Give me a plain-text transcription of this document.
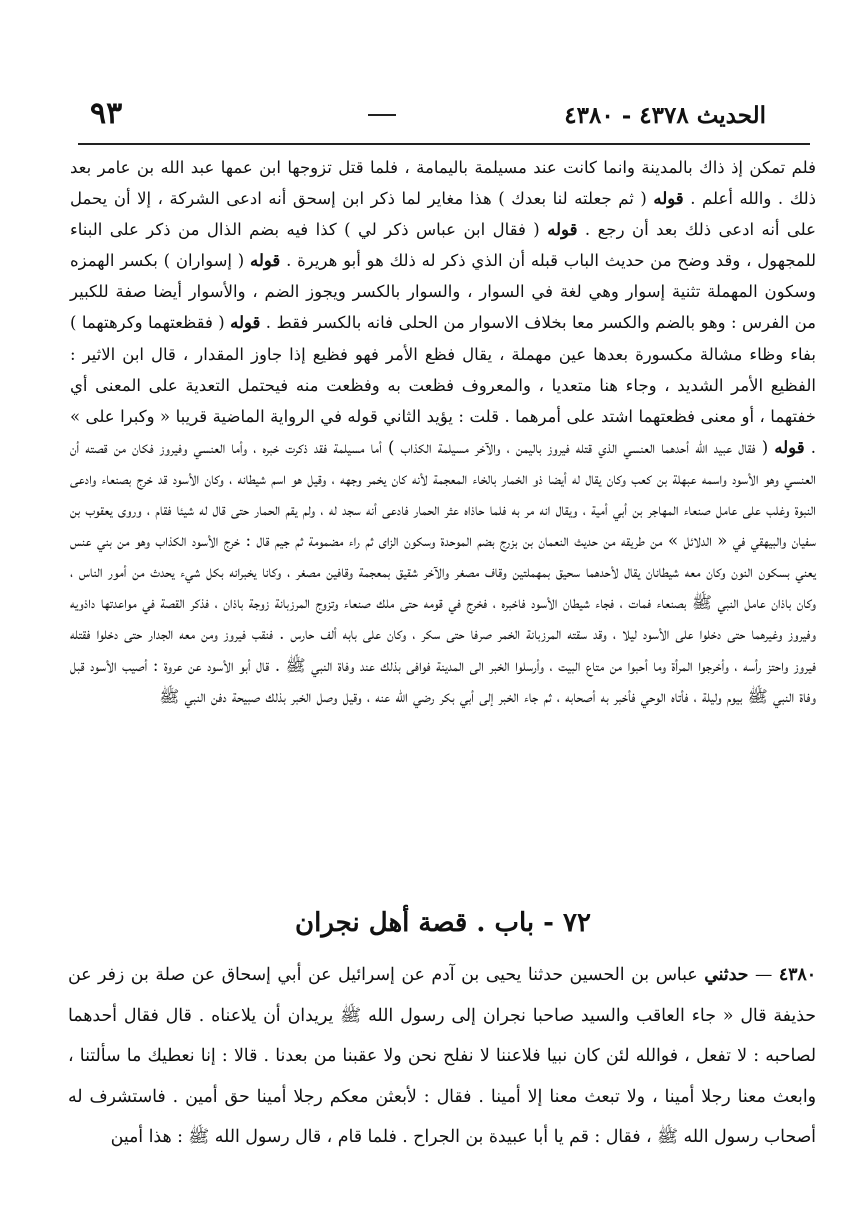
الحديث ٤٣٧٨ - ٤٣٨٠
٩٣
فلم تمكن إذ ذاك بالمدينة وانما كانت عند مسيلمة باليمامة ، فلما قتل تزوجها ابن عمها عبد الله بن عامر بعد ذلك . والله أعلم . قوله ( ثم جعلته لنا بعدك ) هذا مغاير لما ذكر ابن إسحق أنه ادعى الشركة ، إلا أن يحمل على أنه ادعى ذلك بعد أن رجع . قوله ( فقال ابن عباس ذكر لي ) كذا فيه بضم الذال من ذكر على البناء للمجهول ، وقد وضح من حديث الباب قبله أن الذي ذكر له ذلك هو أبو هريرة . قوله ( إسواران ) بكسر الهمزه وسكون المهملة تثنية إسوار وهي لغة في السوار ، والسوار بالكسر ويجوز الضم ، والأسوار أيضا صفة للكبير من الفرس : وهو بالضم والكسر معا بخلاف الاسوار من الحلى فانه بالكسر فقط . قوله ( فقظعتهما وكرهتهما ) بفاء وظاء مشالة مكسورة بعدها عين مهملة ، يقال فظع الأمر فهو فظيع إذا جاوز المقدار ، قال ابن الاثير : الفظيع الأمر الشديد ، وجاء هنا متعديا ، والمعروف فظعت به وفظعت منه فيحتمل التعدية على المعنى أي خفتهما ، أو معنى فظعتهما اشتد على أمرهما . قلت : يؤيد الثاني قوله في الرواية الماضية قريبا « وكبرا على » . قوله ( فقال عبيد الله أحدهما العنسي الذي قتله فيروز باليمن ، والآخر مسيلمة الكذاب ) أما مسيلمة فقد ذكرت خبره ، وأما العنسي وفيروز فكان من قصته أن العنسي وهو الأسود واسمه عبهلة بن كعب وكان يقال له أيضا ذو الخمار بالخاء المعجمة لأنه كان يخمر وجهه ، وقيل هو اسم شيطانه ، وكان الأسود قد خرج بصنعاء وادعى النبوة وغلب على عامل صنعاء المهاجر بن أبي أمية ، ويقال انه مر به فلما حاذاه عثر الحمار فادعى أنه سجد له ، ولم يقم الحمار حتى قال له شيئا فقام ، وروى يعقوب بن سفيان والبيهقي في « الدلائل » من طريقه من حديث النعمان بن بزرج بضم الموحدة وسكون الزاى ثم راء مضمومة ثم جيم قال : خرج الأسود الكذاب وهو من بني عنس يعني بسكون النون وكان معه شيطانان يقال لأحدهما سحيق بمهملتين وقاف مصغر والآخر شقيق بمعجمة وقافين مصغر ، وكانا يخبرانه بكل شيء يحدث من أمور الناس ، وكان باذان عامل النبي ﷺ بصنعاء فمات ، فجاء شيطان الأسود فاخبره ، فخرج في قومه حتى ملك صنعاء وتزوج المرزبانة زوجة باذان ، فذكر القصة في مواعدتها داذويه وفيروز وغيرهما حتى دخلوا على الأسود ليلا ، وقد سقته المرزبانة الخمر صرفا حتى سكر ، وكان على بابه ألف حارس . فنقب فيروز ومن معه الجدار حتى دخلوا فقتله فيروز واحتز رأسه ، وأخرجوا المرأة وما أحبوا من متاع البيت ، وأرسلوا الخبر الى المدينة فوافى بذلك عند وفاة النبي ﷺ . قال أبو الأسود عن عروة : أصيب الأسود قبل وفاة النبي ﷺ بيوم وليلة ، فأتاه الوحي فأخبر به أصحابه ، ثم جاء الخبر إلى أبي بكر رضي الله عنه ، وقيل وصل الخبر بذلك صبيحة دفن النبي ﷺ
٧٢ - باب . قصة أهل نجران
٤٣٨٠ — حدثني عباس بن الحسين حدثنا يحيى بن آدم عن إسرائيل عن أبي إسحاق عن صلة بن زفر عن حذيفة قال « جاء العاقب والسيد صاحبا نجران إلى رسول الله ﷺ يريدان أن يلاعناه . قال فقال أحدهما لصاحبه : لا تفعل ، فوالله لئن كان نبيا فلاعننا لا نفلح نحن ولا عقبنا من بعدنا . قالا : إنا نعطيك ما سألتنا ، وابعث معنا رجلا أمينا ، ولا تبعث معنا إلا أمينا . فقال : لأبعثن معكم رجلا أمينا حق أمين . فاستشرف له أصحاب رسول الله ﷺ ، فقال : قم يا أبا عبيدة بن الجراح . فلما قام ، قال رسول الله ﷺ : هذا أمين
